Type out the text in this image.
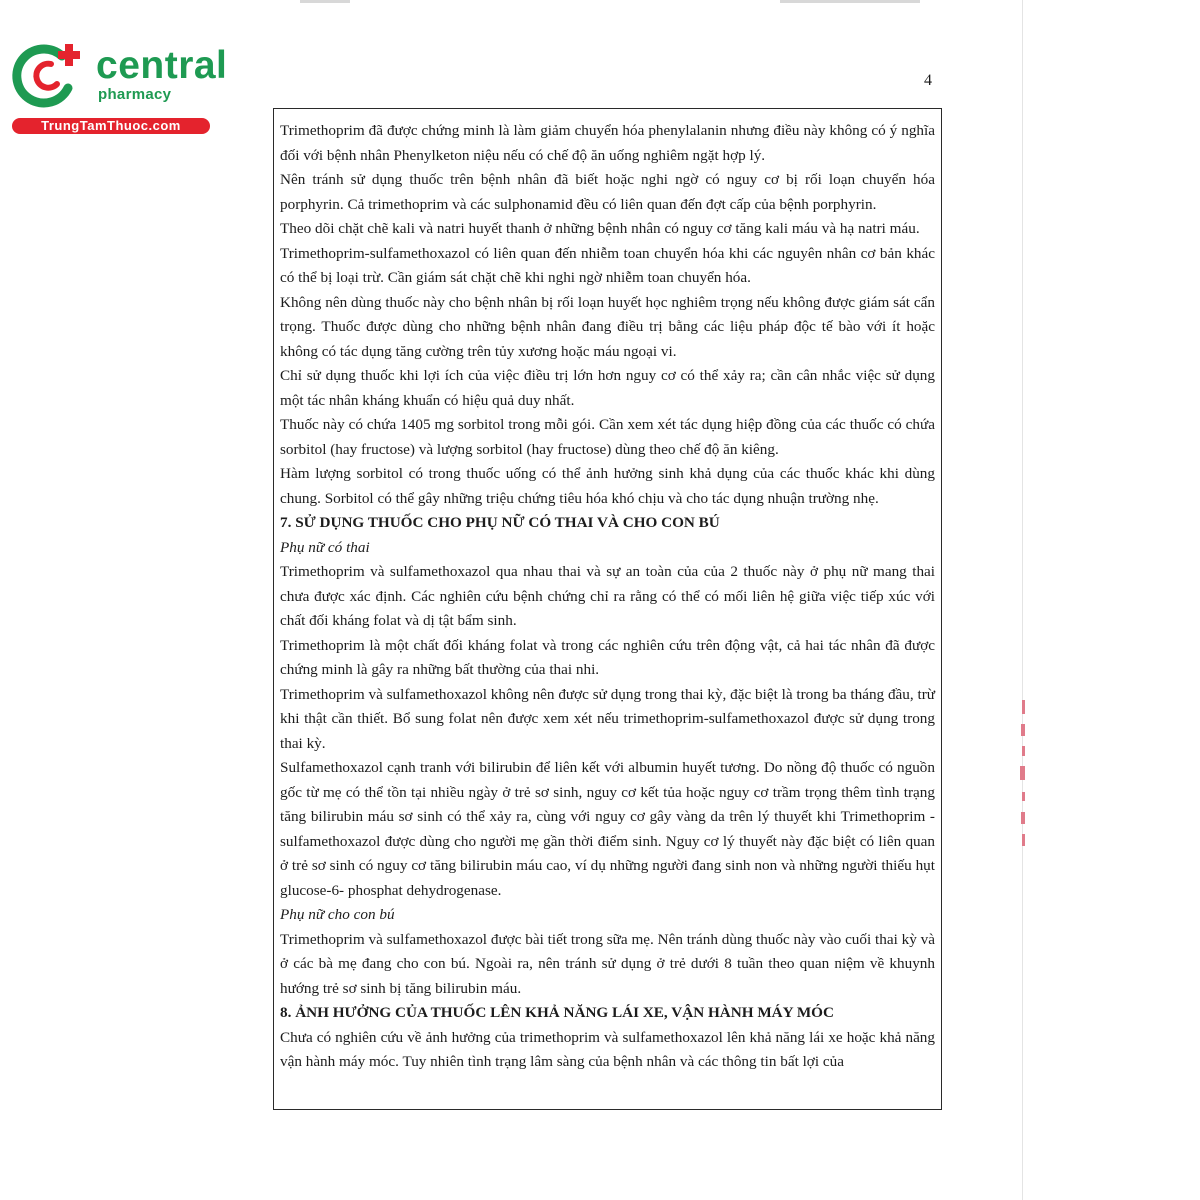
central
pharmacy
TrungTamThuoc.com
4

Trimethoprim đã được chứng minh là làm giảm chuyển hóa phenylalanin nhưng điều này không có ý nghĩa đối với bệnh nhân Phenylketon niệu nếu có chế độ ăn uống nghiêm ngặt hợp lý.

Nên tránh sử dụng thuốc trên bệnh nhân đã biết hoặc nghi ngờ có nguy cơ bị rối loạn chuyển hóa porphyrin. Cả trimethoprim và các sulphonamid đều có liên quan đến đợt cấp của bệnh porphyrin.

Theo dõi chặt chẽ kali và natri huyết thanh ở những bệnh nhân có nguy cơ tăng kali máu và hạ natri máu.

Trimethoprim-sulfamethoxazol có liên quan đến nhiễm toan chuyển hóa khi các nguyên nhân cơ bản khác có thể bị loại trừ. Cần giám sát chặt chẽ khi nghi ngờ nhiễm toan chuyển hóa.

Không nên dùng thuốc này cho bệnh nhân bị rối loạn huyết học nghiêm trọng nếu không được giám sát cẩn trọng. Thuốc được dùng cho những bệnh nhân đang điều trị bằng các liệu pháp độc tế bào với ít hoặc không có tác dụng tăng cường trên tủy xương hoặc máu ngoại vi.

Chỉ sử dụng thuốc khi lợi ích của việc điều trị lớn hơn nguy cơ có thể xảy ra; cần cân nhắc việc sử dụng một tác nhân kháng khuẩn có hiệu quả duy nhất.

Thuốc này có chứa 1405 mg sorbitol trong mỗi gói. Cần xem xét tác dụng hiệp đồng của các thuốc có chứa sorbitol (hay fructose) và lượng sorbitol (hay fructose) dùng theo chế độ ăn kiêng.

Hàm lượng sorbitol có trong thuốc uống có thể ảnh hưởng sinh khả dụng của các thuốc khác khi dùng chung. Sorbitol có thể gây những triệu chứng tiêu hóa khó chịu và cho tác dụng nhuận trường nhẹ.

7. SỬ DỤNG THUỐC CHO PHỤ NỮ CÓ THAI VÀ CHO CON BÚ

Phụ nữ có thai

Trimethoprim và sulfamethoxazol qua nhau thai và sự an toàn của của 2 thuốc này ở phụ nữ mang thai chưa được xác định. Các nghiên cứu bệnh chứng chỉ ra rằng có thể có mối liên hệ giữa việc tiếp xúc với chất đối kháng folat và dị tật bẩm sinh.

Trimethoprim là một chất đối kháng folat và trong các nghiên cứu trên động vật, cả hai tác nhân đã được chứng minh là gây ra những bất thường của thai nhi.

Trimethoprim và sulfamethoxazol không nên được sử dụng trong thai kỳ, đặc biệt là trong ba tháng đầu, trừ khi thật cần thiết. Bổ sung folat nên được xem xét nếu trimethoprim-sulfamethoxazol được sử dụng trong thai kỳ.

Sulfamethoxazol cạnh tranh với bilirubin để liên kết với albumin huyết tương. Do nồng độ thuốc có nguồn gốc từ mẹ có thể tồn tại nhiều ngày ở trẻ sơ sinh, nguy cơ kết tủa hoặc nguy cơ trầm trọng thêm tình trạng tăng bilirubin máu sơ sinh có thể xảy ra, cùng với nguy cơ gây vàng da trên lý thuyết khi Trimethoprim - sulfamethoxazol được dùng cho người mẹ gần thời điểm sinh. Nguy cơ lý thuyết này đặc biệt có liên quan ở trẻ sơ sinh có nguy cơ tăng bilirubin máu cao, ví dụ những người đang sinh non và những người thiếu hụt glucose-6- phosphat dehydrogenase.

Phụ nữ cho con bú

Trimethoprim và sulfamethoxazol được bài tiết trong sữa mẹ. Nên tránh dùng thuốc này vào cuối thai kỳ và ở các bà mẹ đang cho con bú. Ngoài ra, nên tránh sử dụng ở trẻ dưới 8 tuần theo quan niệm về khuynh hướng trẻ sơ sinh bị tăng bilirubin máu.

8. ẢNH HƯỞNG CỦA THUỐC LÊN KHẢ NĂNG LÁI XE, VẬN HÀNH MÁY MÓC

Chưa có nghiên cứu về ảnh hưởng của trimethoprim và sulfamethoxazol lên khả năng lái xe hoặc khả năng vận hành máy móc. Tuy nhiên tình trạng lâm sàng của bệnh nhân và các thông tin bất lợi của
